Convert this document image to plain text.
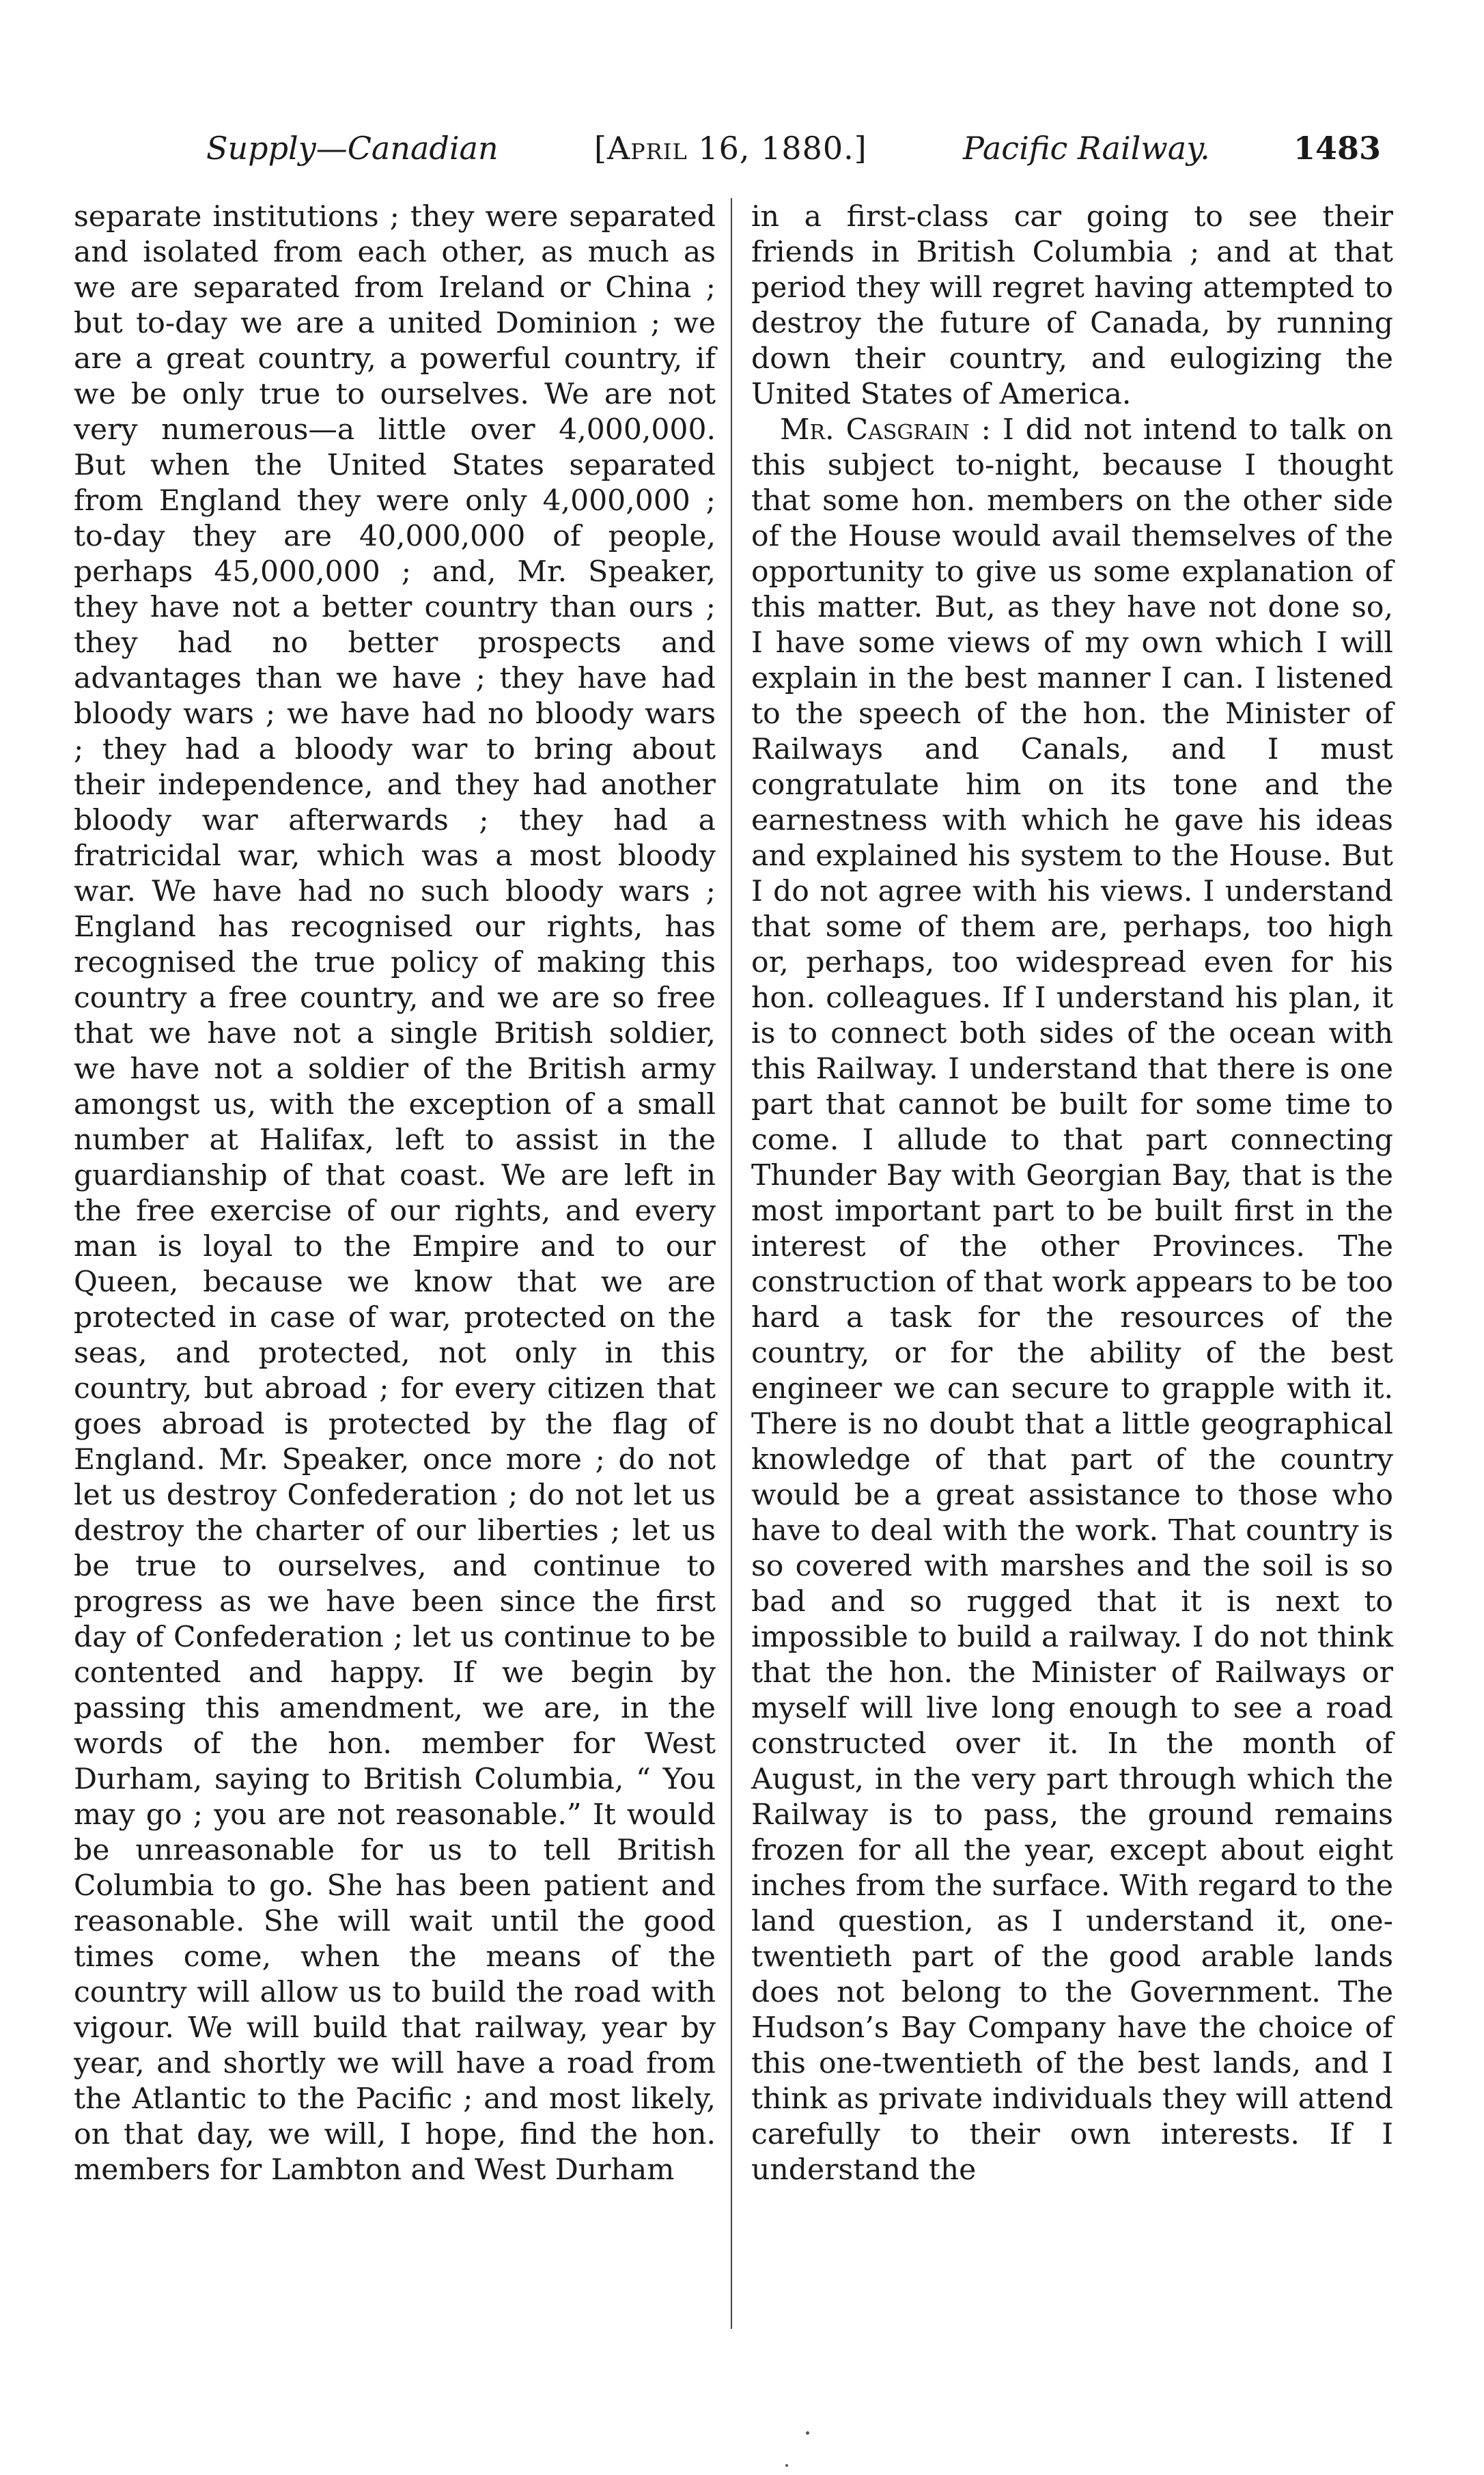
Supply—Canadian	[April 16, 1880.]	Pacific Railway.	1483

separate institutions ; they were separated and isolated from each other, as much as we are separated from Ireland or China ; but to-day we are a united Dominion ; we are a great country, a powerful country, if we be only true to ourselves. We are not very numerous—a little over 4,000,000. But when the United States separated from England they were only 4,000,000 ; to-day they are 40,000,000 of people, perhaps 45,000,000 ; and, Mr. Speaker, they have not a better country than ours ; they had no better prospects and advantages than we have ; they have had bloody wars ; we have had no bloody wars ; they had a bloody war to bring about their independence, and they had another bloody war afterwards ; they had a fratricidal war, which was a most bloody war. We have had no such bloody wars ; England has recognised our rights, has recognised the true policy of making this country a free country, and we are so free that we have not a single British soldier, we have not a soldier of the British army amongst us, with the exception of a small number at Halifax, left to assist in the guardianship of that coast. We are left in the free exercise of our rights, and every man is loyal to the Empire and to our Queen, because we know that we are protected in case of war, protected on the seas, and protected, not only in this country, but abroad ; for every citizen that goes abroad is protected by the flag of England. Mr. Speaker, once more ; do not let us destroy Confederation ; do not let us destroy the charter of our liberties ; let us be true to ourselves, and continue to progress as we have been since the first day of Confederation ; let us continue to be contented and happy. If we begin by passing this amendment, we are, in the words of the hon. member for West Durham, saying to British Columbia, “ You may go ; you are not reasonable.” It would be unreasonable for us to tell British Columbia to go. She has been patient and reasonable. She will wait until the good times come, when the means of the country will allow us to build the road with vigour. We will build that railway, year by year, and shortly we will have a road from the Atlantic to the Pacific ; and most likely, on that day, we will, I hope, find the hon. members for Lambton and West Durham

in a first-class car going to see their friends in British Columbia ; and at that period they will regret having attempted to destroy the future of Canada, by running down their country, and eulogizing the United States of America.

Mr. Casgrain : I did not intend to talk on this subject to-night, because I thought that some hon. members on the other side of the House would avail themselves of the opportunity to give us some explanation of this matter. But, as they have not done so, I have some views of my own which I will explain in the best manner I can. I listened to the speech of the hon. the Minister of Railways and Canals, and I must congratulate him on its tone and the earnestness with which he gave his ideas and explained his system to the House. But I do not agree with his views. I understand that some of them are, perhaps, too high or, perhaps, too widespread even for his hon. colleagues. If I understand his plan, it is to connect both sides of the ocean with this Railway. I understand that there is one part that cannot be built for some time to come. I allude to that part connecting Thunder Bay with Georgian Bay, that is the most important part to be built first in the interest of the other Provinces. The construction of that work appears to be too hard a task for the resources of the country, or for the ability of the best engineer we can secure to grapple with it. There is no doubt that a little geographical knowledge of that part of the country would be a great assistance to those who have to deal with the work. That country is so covered with marshes and the soil is so bad and so rugged that it is next to impossible to build a railway. I do not think that the hon. the Minister of Railways or myself will live long enough to see a road constructed over it. In the month of August, in the very part through which the Railway is to pass, the ground remains frozen for all the year, except about eight inches from the surface. With regard to the land question, as I understand it, one-twentieth part of the good arable lands does not belong to the Government. The Hudson’s Bay Company have the choice of this one-twentieth of the best lands, and I think as private individuals they will attend carefully to their own interests. If I understand the
